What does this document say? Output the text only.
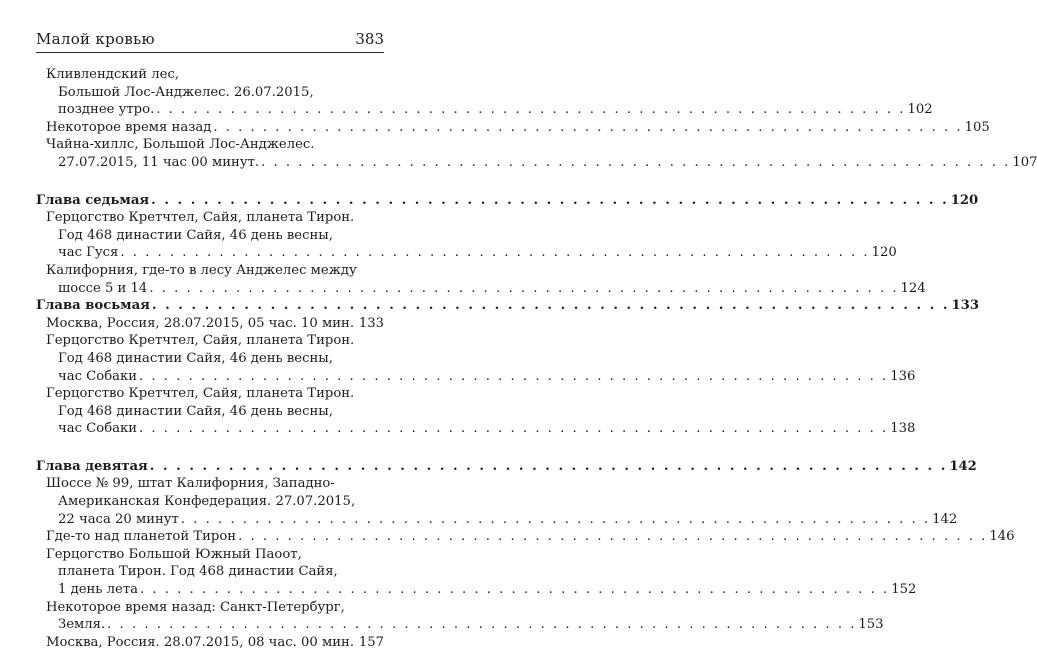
Малой кровью	383
Кливлендский лес,
Большой Лос-Анджелес. 26.07.2015,
позднее утро. . . . . . . . . . . . . . . . . . . . . . . . . . . . . . . . . . . . . . . . . . . . . . . . . . . . . . . . . . . . . . 102
Некоторое время назад . . . . . . . . . . . . . . . . . . . . . . . . . . . . . . . . . . . . . . . . . . . . . . . . . . . . . . . . . . . . . 105
Чайна-хиллс, Большой Лос-Анджелес.
27.07.2015, 11 час 00 минут. . . . . . . . . . . . . . . . . . . . . . . . . . . . . . . . . . . . . . . . . . . . . . . . . . . . . . . . . . . . . . 107
Глава седьмая . . . . . . . . . . . . . . . . . . . . . . . . . . . . . . . . . . . . . . . . . . . . . . . . . . . . . . . . . . . . . 120
Герцогство Кретчтел, Сайя, планета Тирон.
Год 468 династии Сайя, 46 день весны,
час Гуся . . . . . . . . . . . . . . . . . . . . . . . . . . . . . . . . . . . . . . . . . . . . . . . . . . . . . . . . . . . . . 120
Калифорния, где-то в лесу Анджелес между
шоссе 5 и 14 . . . . . . . . . . . . . . . . . . . . . . . . . . . . . . . . . . . . . . . . . . . . . . . . . . . . . . . . . . . . . 124
Глава восьмая . . . . . . . . . . . . . . . . . . . . . . . . . . . . . . . . . . . . . . . . . . . . . . . . . . . . . . . . . . . . . 133
Москва, Россия, 28.07.2015, 05 час. 10 мин. 133
Герцогство Кретчтел, Сайя, планета Тирон.
Год 468 династии Сайя, 46 день весны,
час Собаки . . . . . . . . . . . . . . . . . . . . . . . . . . . . . . . . . . . . . . . . . . . . . . . . . . . . . . . . . . . . . 136
Герцогство Кретчтел, Сайя, планета Тирон.
Год 468 династии Сайя, 46 день весны,
час Собаки . . . . . . . . . . . . . . . . . . . . . . . . . . . . . . . . . . . . . . . . . . . . . . . . . . . . . . . . . . . . . 138
Глава девятая . . . . . . . . . . . . . . . . . . . . . . . . . . . . . . . . . . . . . . . . . . . . . . . . . . . . . . . . . . . . . 142
Шоссе № 99, штат Калифорния, Западно-
Американская Конфедерация. 27.07.2015,
22 часа 20 минут . . . . . . . . . . . . . . . . . . . . . . . . . . . . . . . . . . . . . . . . . . . . . . . . . . . . . . . . . . . . . 142
Где-то над планетой Тирон . . . . . . . . . . . . . . . . . . . . . . . . . . . . . . . . . . . . . . . . . . . . . . . . . . . . . . . . . . . . . 146
Герцогство Большой Южный Паоот,
планета Тирон. Год 468 династии Сайя,
1 день лета . . . . . . . . . . . . . . . . . . . . . . . . . . . . . . . . . . . . . . . . . . . . . . . . . . . . . . . . . . . . . 152
Некоторое время назад: Санкт-Петербург,
Земля. . . . . . . . . . . . . . . . . . . . . . . . . . . . . . . . . . . . . . . . . . . . . . . . . . . . . . . . . . . . . . 153
Москва, Россия. 28.07.2015, 08 час. 00 мин. 157
